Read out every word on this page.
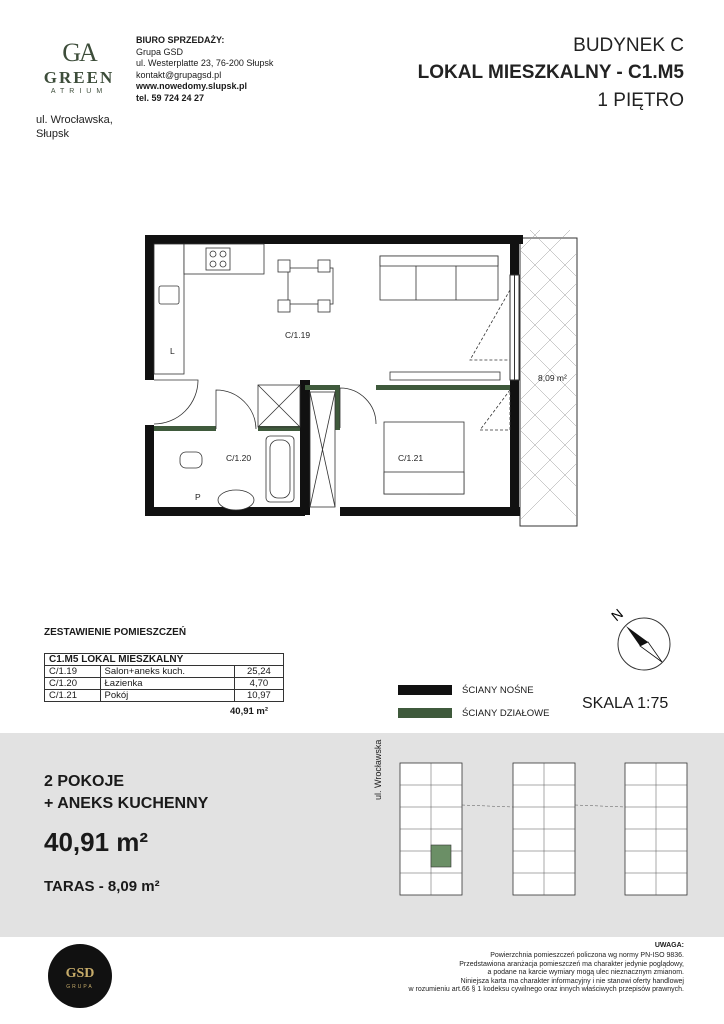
GA
GREEN
ATRIUM
ul. Wrocławska,
Słupsk
BIURO SPRZEDAŻY:
Grupa GSD
ul. Westerplatte 23, 76-200 Słupsk
kontakt@grupagsd.pl
www.nowedomy.slupsk.pl
tel. 59 724 24 27
BUDYNEK C
LOKAL MIESZKALNY - C1.M5
1 PIĘTRO
C/1.19
C/1.20	C/1.21
8,09 m²
P
L
N
ZESTAWIENIE POMIESZCZEŃ
C1.M5 LOKAL MIESZKALNY		
C/1.19	Salon+aneks kuch.	25,24
C/1.20	Łazienka	4,70
C/1.21	Pokój	10,97
40,91 m²
ŚCIANY NOŚNE
ŚCIANY DZIAŁOWE
SKALA 1:75
2 POKOJE
+ ANEKS KUCHENNY
40,91 m²
TARAS - 8,09 m²
ul. Wrocławska
GSD
GRUPA
UWAGA:
Powierzchnia pomieszczeń policzona wg normy PN-ISO 9836.
Przedstawiona aranżacja pomieszczeń ma charakter jedynie poglądowy,
a podane na karcie wymiary mogą ulec nieznacznym zmianom.
Niniejsza karta ma charakter informacyjny i nie stanowi oferty handlowej
w rozumieniu art.66 § 1 kodeksu cywilnego oraz innych właściwych przepisów prawnych.
